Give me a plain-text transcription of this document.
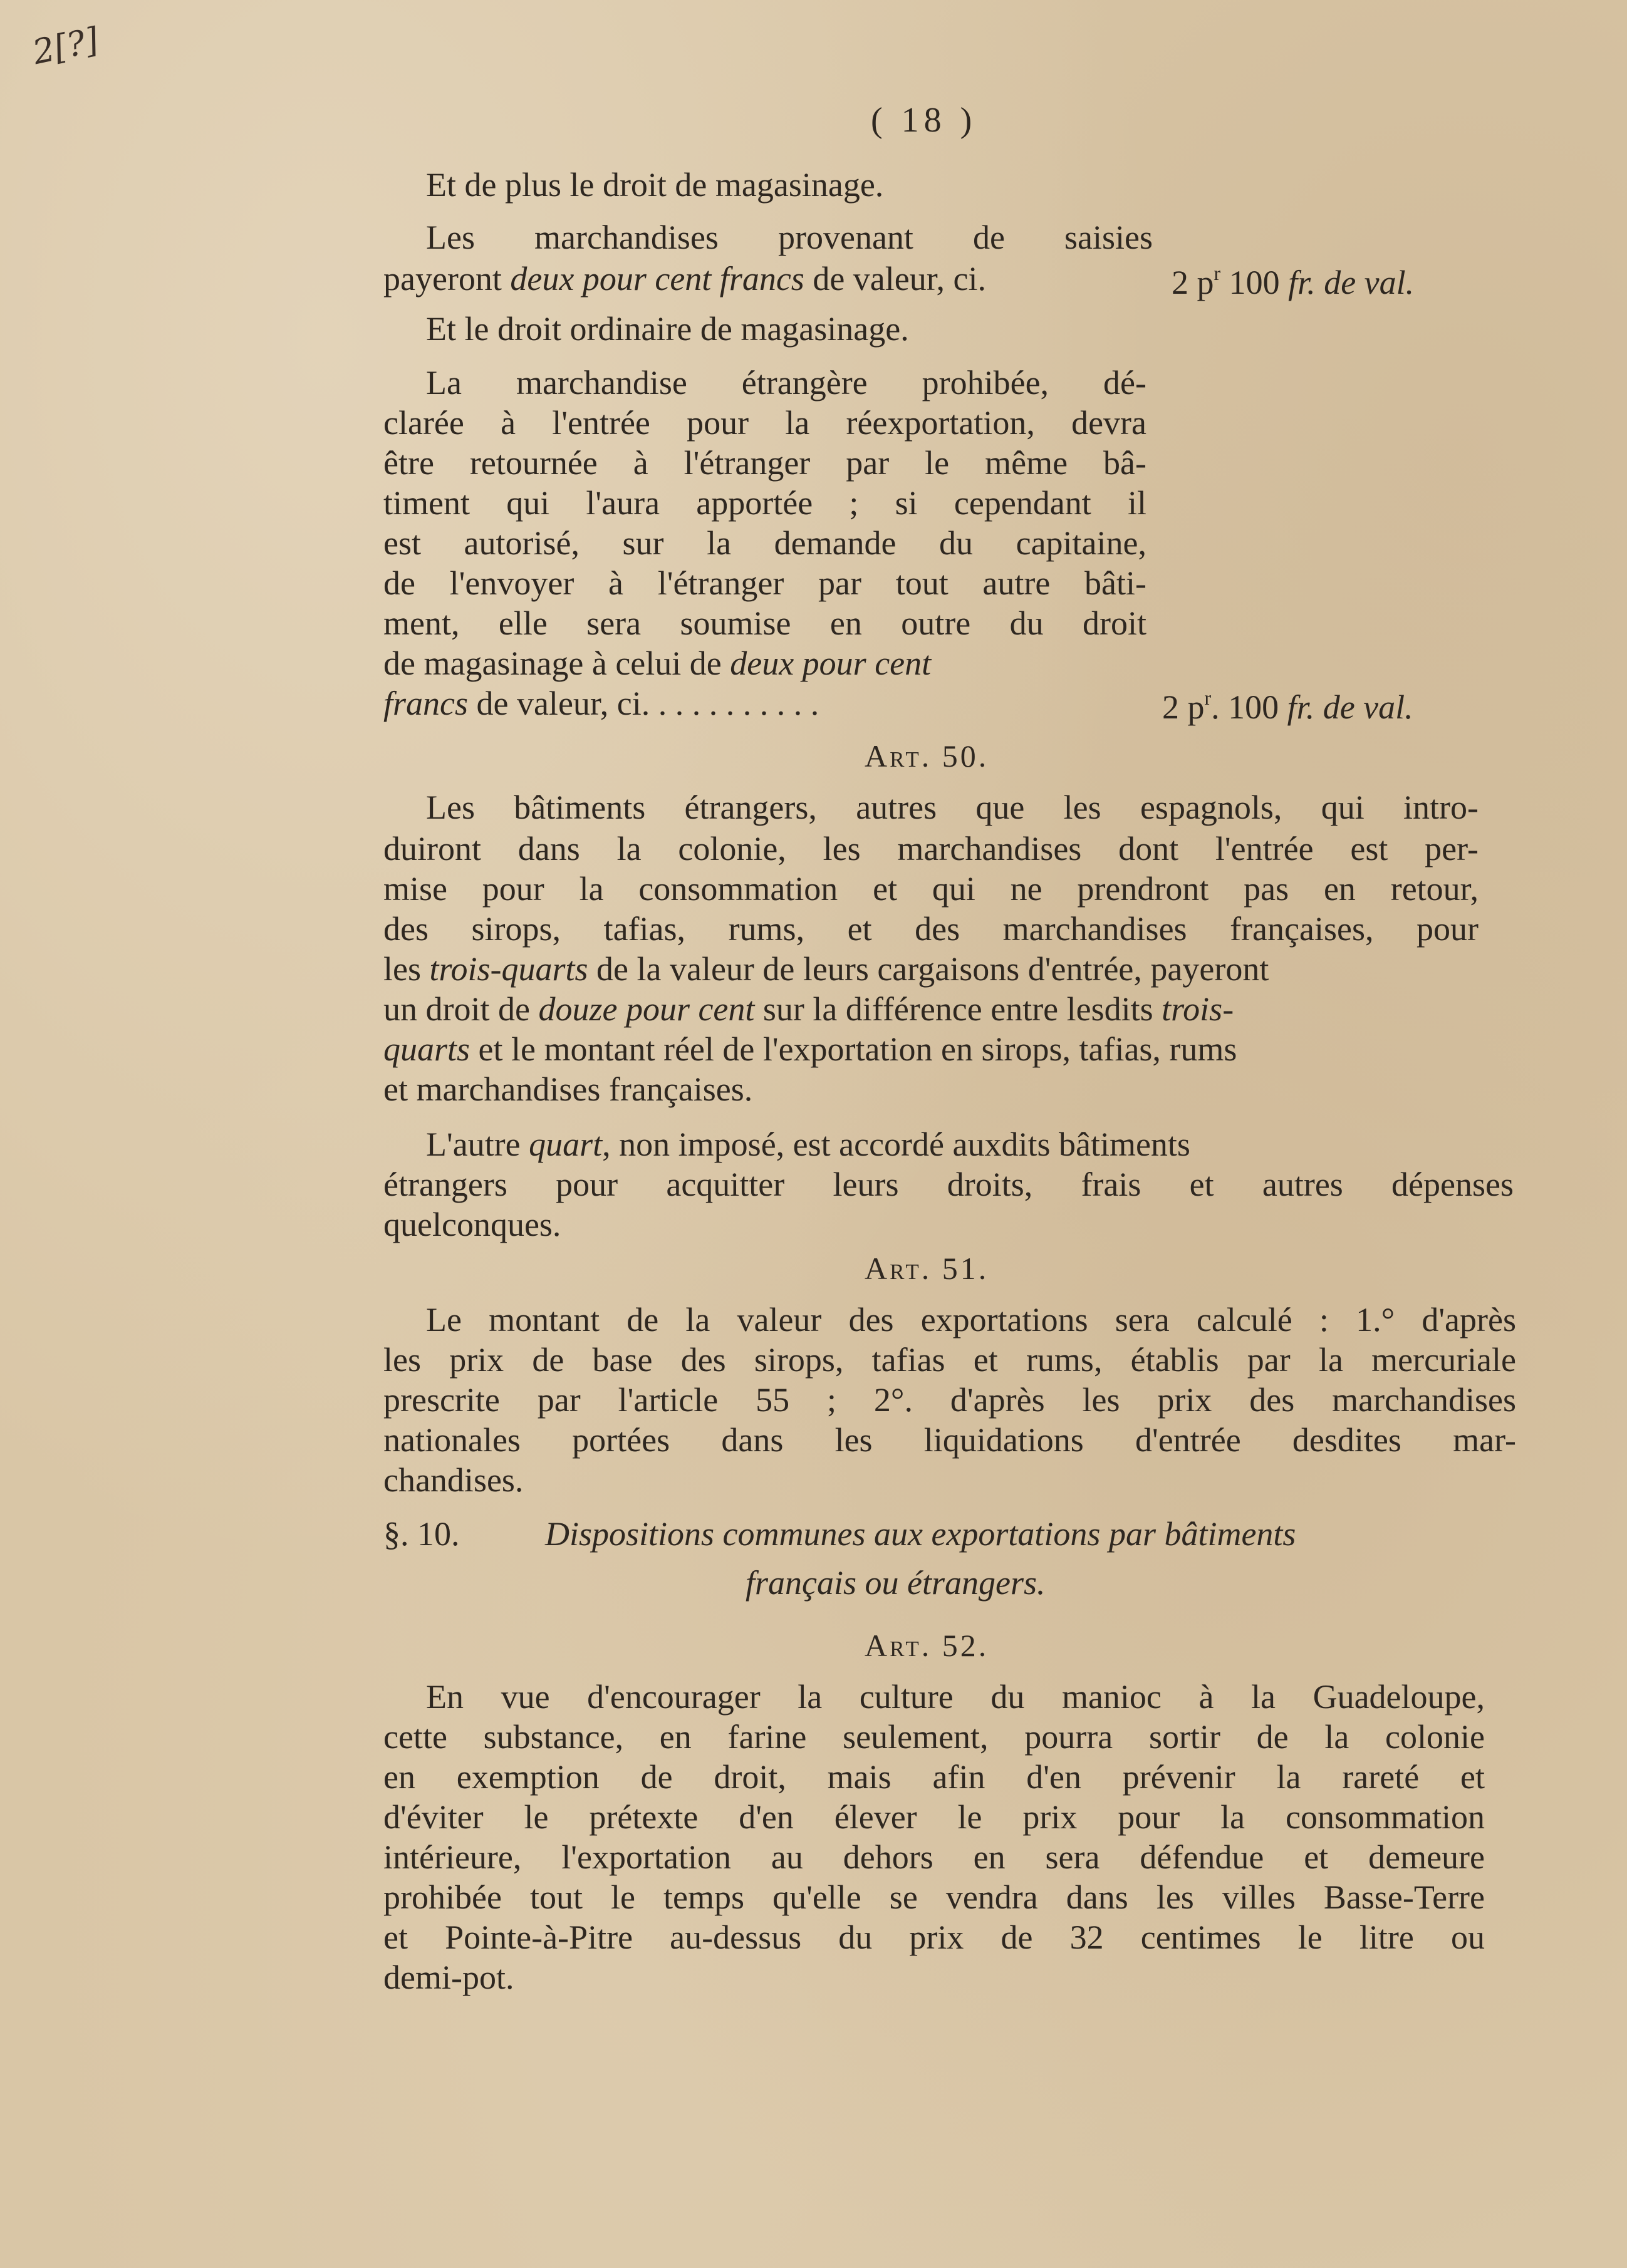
2[?]
( 18 )
Et de plus le droit de magasinage.
Les marchandises provenant de saisies
payeront deux pour cent francs de valeur, ci.	2 $p^r$ 100 fr. de val.
Et le droit ordinaire de magasinage.
La marchandise étrangère prohibée, dé-
clarée à l'entrée pour la réexportation, devra
être retournée à l'étranger par le même bâ-
timent qui l'aura apportée ; si cependant il
est autorisé, sur la demande du capitaine,
de l'envoyer à l'étranger par tout autre bâti-
ment, elle sera soumise en outre du droit
de magasinage à celui de deux pour cent
francs de valeur, ci. . . . . . . . . . .	2 $p^r$. 100 fr. de val.
Art. 50.
Les bâtiments étrangers, autres que les espagnols, qui intro-
duiront dans la colonie, les marchandises dont l'entrée est per-
mise pour la consommation et qui ne prendront pas en retour,
des sirops, tafias, rums, et des marchandises françaises, pour
les trois-quarts de la valeur de leurs cargaisons d'entrée, payeront
un droit de douze pour cent sur la différence entre lesdits trois-
quarts et le montant réel de l'exportation en sirops, tafias, rums
et marchandises françaises.
L'autre quart, non imposé, est accordé auxdits bâtiments
étrangers pour acquitter leurs droits, frais et autres dépenses
quelconques.
Art. 51.
Le montant de la valeur des exportations sera calculé : 1.° d'après
les prix de base des sirops, tafias et rums, établis par la mercuriale
prescrite par l'article 55 ; 2°. d'après les prix des marchandises
nationales portées dans les liquidations d'entrée desdites mar-
chandises.
§. 10.	Dispositions communes aux exportations par bâtiments
français ou étrangers.
Art. 52.
En vue d'encourager la culture du manioc à la Guadeloupe,
cette substance, en farine seulement, pourra sortir de la colonie
en exemption de droit, mais afin d'en prévenir la rareté et
d'éviter le prétexte d'en élever le prix pour la consommation
intérieure, l'exportation au dehors en sera défendue et demeure
prohibée tout le temps qu'elle se vendra dans les villes Basse-Terre
et Pointe-à-Pitre au-dessus du prix de 32 centimes le litre ou
demi-pot.
